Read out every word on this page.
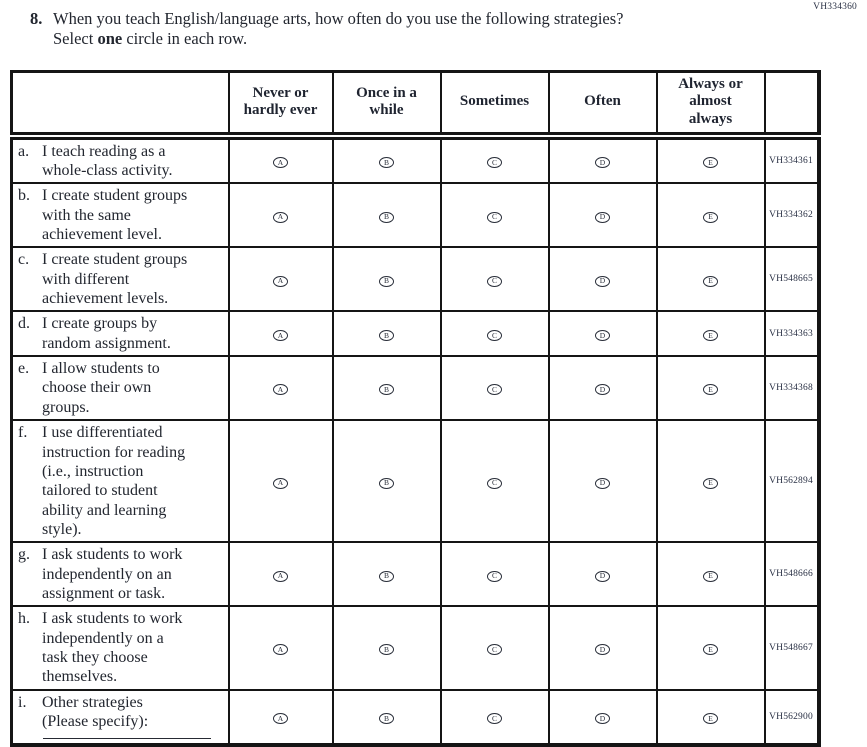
VH334360
8. When you teach English/language arts, how often do you use the following strategies? Select one circle in each row.
	Never or
hardly ever	Once in a
while	Sometimes	Often	Always or
almost
always	

a. I teach reading as a
whole-class activity.	A	B	C	D	E	VH334361

b. I create student groups
with the same
achievement level.	A	B	C	D	E	VH334362

c. I create student groups
with different
achievement levels.	A	B	C	D	E	VH548665

d. I create groups by
random assignment.	A	B	C	D	E	VH334363

e. I allow students to
choose their own
groups.	A	B	C	D	E	VH334368

f. I use differentiated
instruction for reading
(i.e., instruction
tailored to student
ability and learning
style).
	A	B	C	D	E	VH562894

g. I ask students to work
independently on an
assignment or task.	A	B	C	D	E	VH548666

h. I ask students to work
independently on a
task they choose
themselves.	A	B	C	D	E	VH548667

i. Other strategies
(Please specify):	A	B	C	D	E	VH562900
